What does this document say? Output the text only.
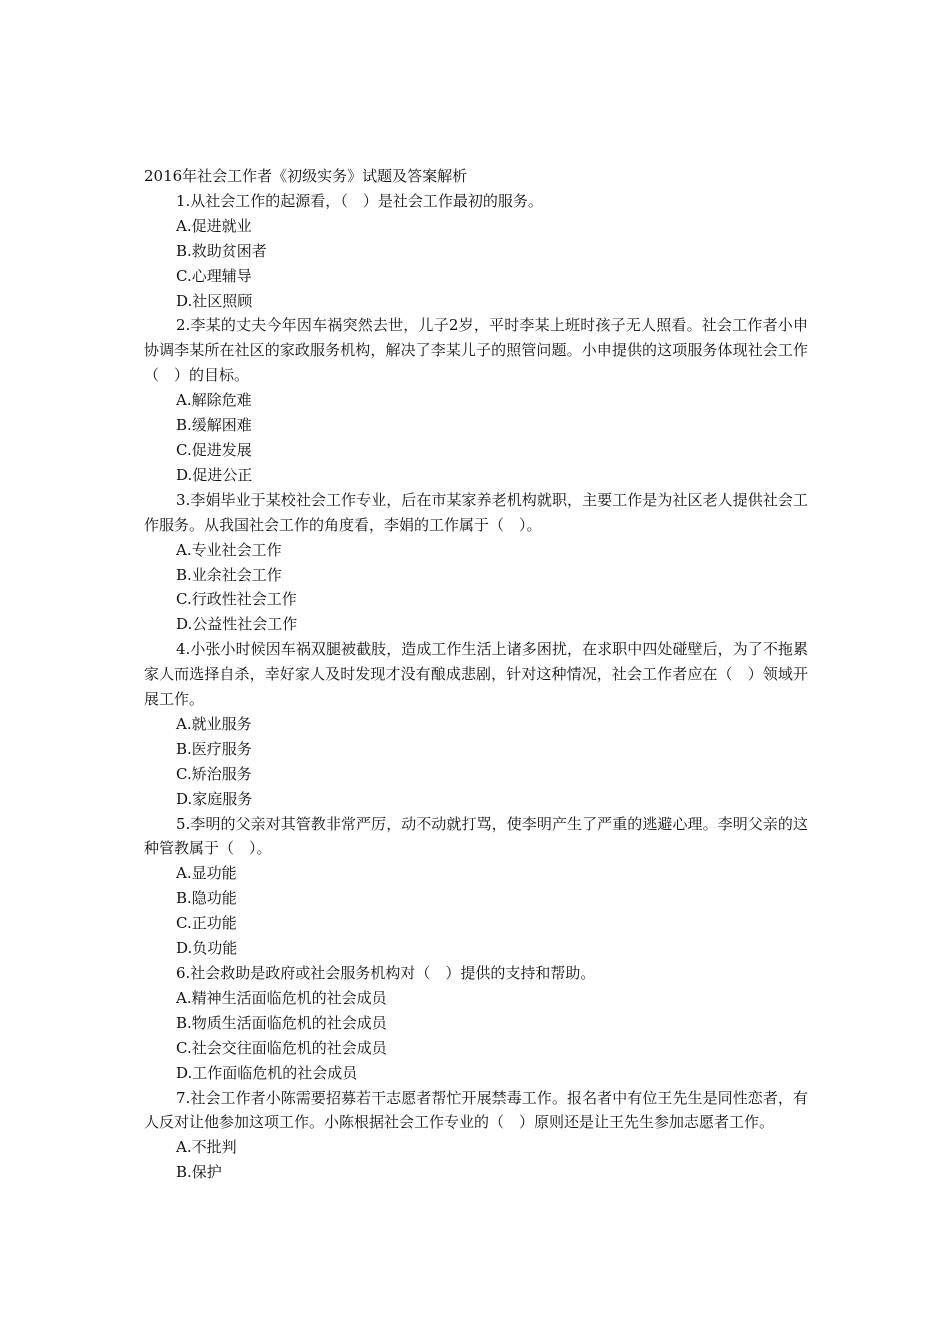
2016年社会工作者《初级实务》试题及答案解析

1.从社会工作的起源看，（　）是社会工作最初的服务。

A.促进就业

B.救助贫困者

C.心理辅导

D.社区照顾

2.李某的丈夫今年因车祸突然去世，儿子2岁，平时李某上班时孩子无人照看。社会工作者小申协调李某所在社区的家政服务机构，解决了李某儿子的照管问题。小申提供的这项服务体现社会工作（　）的目标。

A.解除危难

B.缓解困难

C.促进发展

D.促进公正

3.李娟毕业于某校社会工作专业，后在市某家养老机构就职，主要工作是为社区老人提供社会工作服务。从我国社会工作的角度看，李娟的工作属于（　）。

A.专业社会工作

B.业余社会工作

C.行政性社会工作

D.公益性社会工作

4.小张小时候因车祸双腿被截肢，造成工作生活上诸多困扰，在求职中四处碰壁后，为了不拖累家人而选择自杀，幸好家人及时发现才没有酿成悲剧，针对这种情况，社会工作者应在（　）领域开展工作。

A.就业服务

B.医疗服务

C.矫治服务

D.家庭服务

5.李明的父亲对其管教非常严厉，动不动就打骂，使李明产生了严重的逃避心理。李明父亲的这种管教属于（　）。

A.显功能

B.隐功能

C.正功能

D.负功能

6.社会救助是政府或社会服务机构对（　）提供的支持和帮助。

A.精神生活面临危机的社会成员

B.物质生活面临危机的社会成员

C.社会交往面临危机的社会成员

D.工作面临危机的社会成员

7.社会工作者小陈需要招募若干志愿者帮忙开展禁毒工作。报名者中有位王先生是同性恋者，有人反对让他参加这项工作。小陈根据社会工作专业的（　）原则还是让王先生参加志愿者工作。

A.不批判

B.保护
